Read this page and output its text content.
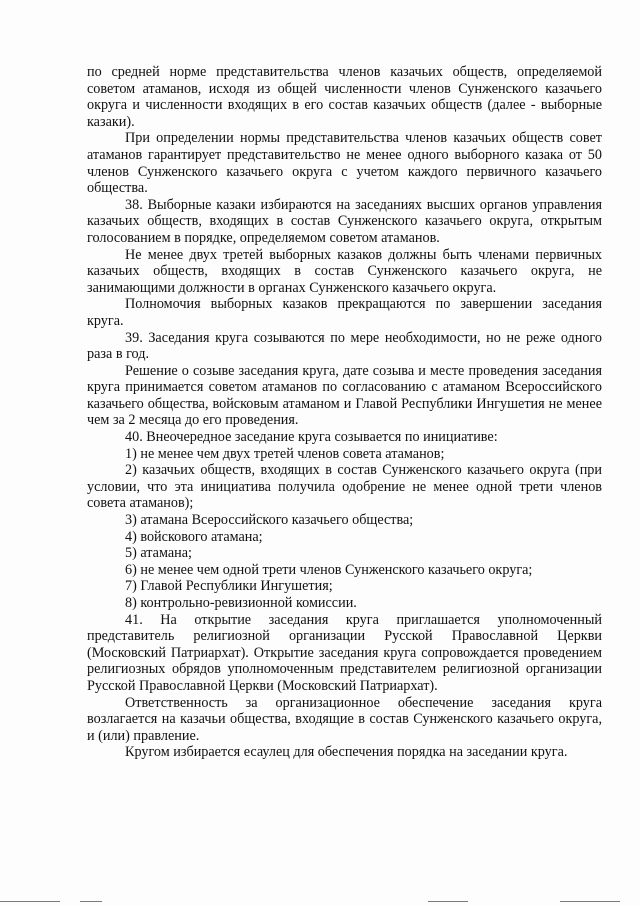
по средней норме представительства членов казачьих обществ, определяемой советом атаманов, исходя из общей численности членов Сунженского казачьего округа и численности входящих в его состав казачьих обществ (далее - выборные казаки).

При определении нормы представительства членов казачьих обществ совет атаманов гарантирует представительство не менее одного выборного казака от 50 членов Сунженского казачьего округа с учетом каждого первичного казачьего общества.

38. Выборные казаки избираются на заседаниях высших органов управления казачьих обществ, входящих в состав Сунженского казачьего округа, открытым голосованием в порядке, определяемом советом атаманов.

Не менее двух третей выборных казаков должны быть членами первичных казачьих обществ, входящих в состав Сунженского казачьего округа, не занимающими должности в органах Сунженского казачьего округа.

Полномочия выборных казаков прекращаются по завершении заседания круга.

39. Заседания круга созываются по мере необходимости, но не реже одного раза в год.

Решение о созыве заседания круга, дате созыва и месте проведения заседания круга принимается советом атаманов по согласованию с атаманом Всероссийского казачьего общества, войсковым атаманом и Главой Республики Ингушетия не менее чем за 2 месяца до его проведения.

40. Внеочередное заседание круга созывается по инициативе:

1) не менее чем двух третей членов совета атаманов;

2) казачьих обществ, входящих в состав Сунженского казачьего округа (при условии, что эта инициатива получила одобрение не менее одной трети членов совета атаманов);

3) атамана Всероссийского казачьего общества;

4) войскового атамана;

5) атамана;

6) не менее чем одной трети членов Сунженского казачьего округа;

7) Главой Республики Ингушетия;

8) контрольно-ревизионной комиссии.

41. На открытие заседания круга приглашается уполномоченный представитель религиозной организации Русской Православной Церкви (Московский Патриархат). Открытие заседания круга сопровождается проведением религиозных обрядов уполномоченным представителем религиозной организации Русской Православной Церкви (Московский Патриархат).

Ответственность за организационное обеспечение заседания круга возлагается на казачьи общества, входящие в состав Сунженского казачьего округа, и (или) правление.

Кругом избирается есаулец для обеспечения порядка на заседании круга.
